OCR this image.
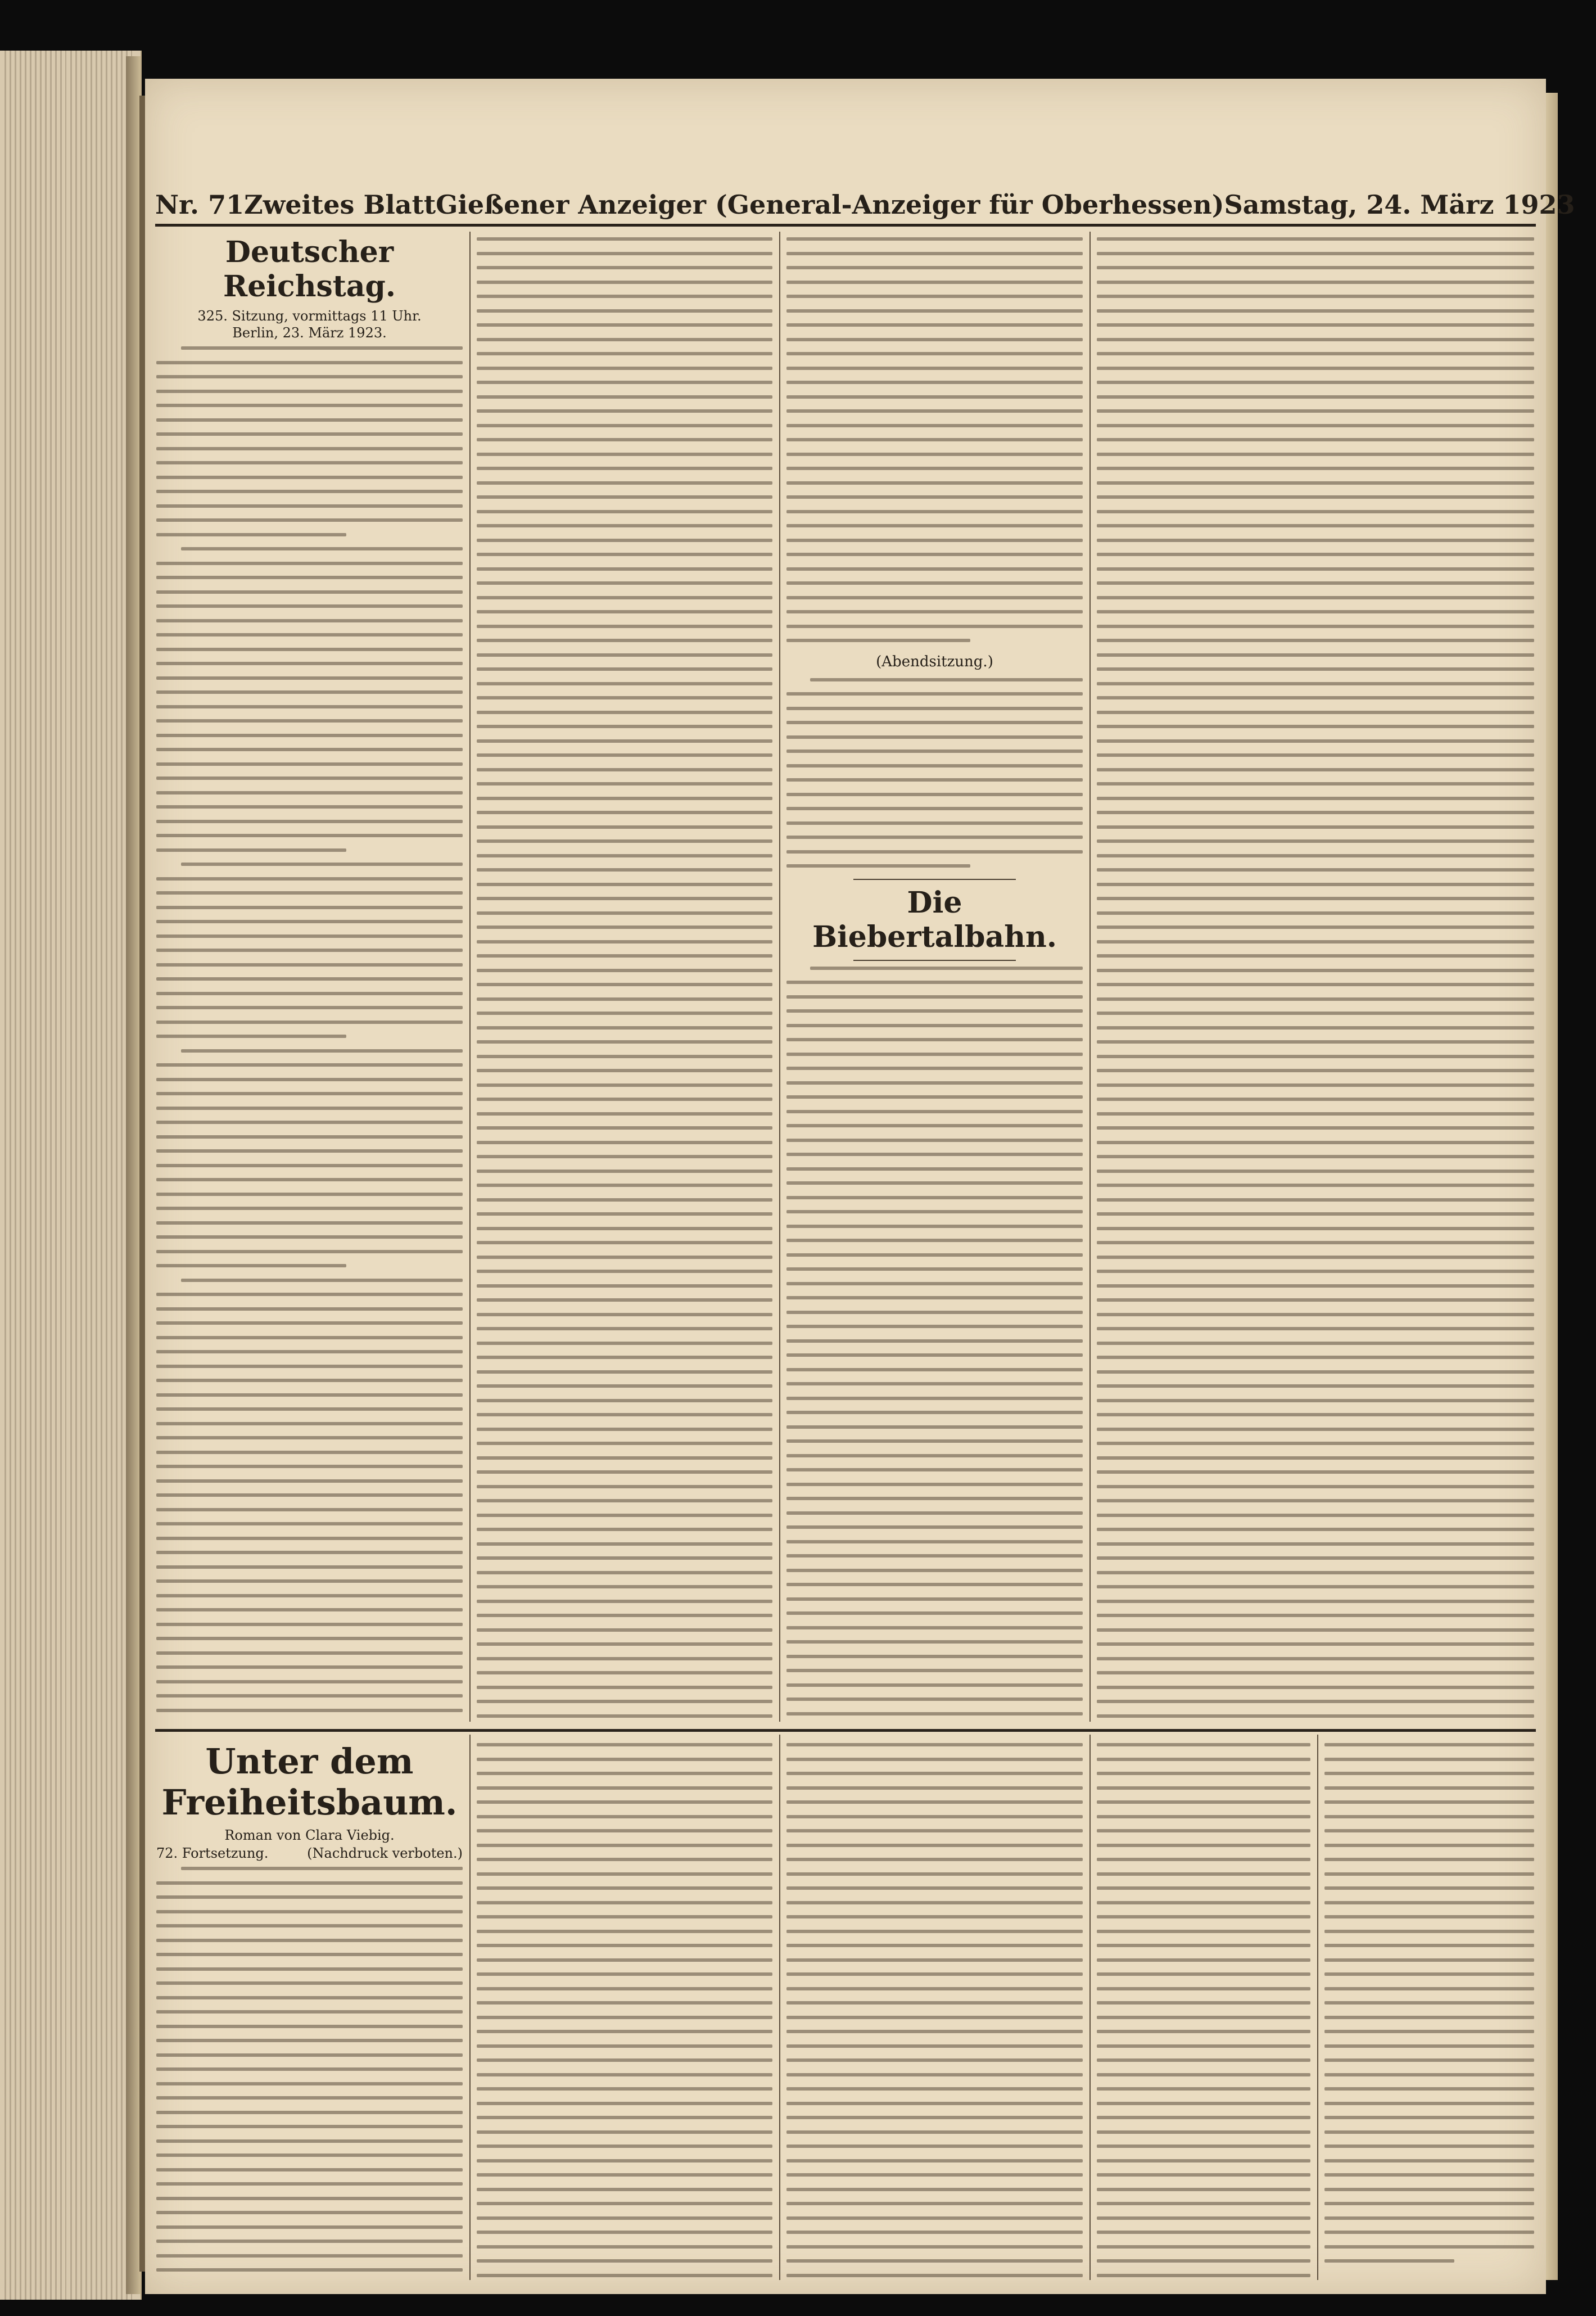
Nr. 71 Zweites Blatt Gießener Anzeiger (General-Anzeiger für Oberhessen) Samstag, 24. März 1923
Deutscher Reichstag.
325. Sitzung, vormittags 11 Uhr.
Berlin, 23. März 1923.
(Abendsitzung.)
Die Biebertalbahn.
Unter dem Freiheitsbaum.
Roman von Clara Viebig.
72. Fortsetzung.	(Nachdruck verboten.)
